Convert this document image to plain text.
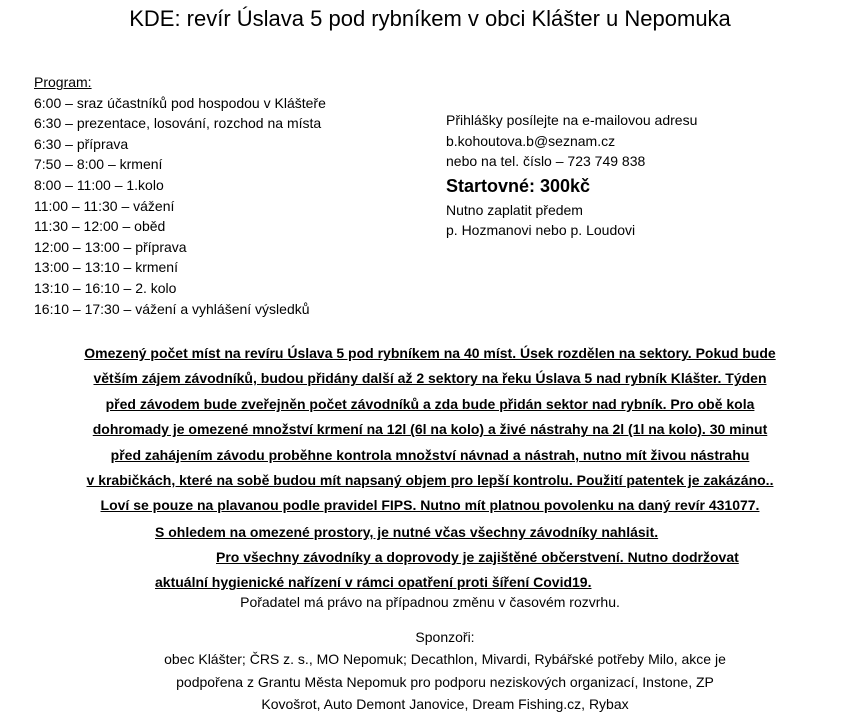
KDE: revír Úslava 5 pod rybníkem v obci Klášter u Nepomuka
Program:
6:00 – sraz účastníků pod hospodou v Klášteře
6:30 – prezentace, losování, rozchod na místa
6:30 – příprava
7:50 – 8:00 – krmení
8:00 – 11:00 – 1.kolo
11:00 – 11:30 – vážení
11:30 – 12:00 – oběd
12:00 – 13:00 – příprava
13:00 – 13:10 – krmení
13:10 – 16:10 – 2. kolo
16:10 – 17:30 – vážení a vyhlášení výsledků
Přihlášky posílejte na e-mailovou adresu
b.kohoutova.b@seznam.cz
nebo na tel. číslo – 723 749 838
Startovné: 300kč
Nutno zaplatit předem
p. Hozmanovi nebo p. Loudovi
Omezený počet míst na revíru Úslava 5 pod rybníkem na 40 míst. Úsek rozdělen na sektory. Pokud bude
větším zájem závodníků, budou přidány další až 2 sektory na řeku Úslava 5 nad rybník Klášter. Týden
před závodem bude zveřejněn počet závodníků a zda bude přidán sektor nad rybník. Pro obě kola
dohromady je omezené množství krmení na 12l (6l na kolo) a živé nástrahy na 2l (1l na kolo). 30 minut
před zahájením závodu proběhne kontrola množství návnad a nástrah, nutno mít živou nástrahu
v krabičkách, které na sobě budou mít napsaný objem pro lepší kontrolu. Použití patentek je zakázáno..
Loví se pouze na plavanou podle pravidel FIPS. Nutno mít platnou povolenku na daný revír 431077.
S ohledem na omezené prostory, je nutné včas všechny závodníky nahlásit.
Pro všechny závodníky a doprovody je zajištěné občerstvení. Nutno dodržovat
aktuální hygienické nařízení v rámci opatření proti šíření Covid19.
Pořadatel má právo na případnou změnu v časovém rozvrhu.
Sponzoři:
obec Klášter; ČRS z. s., MO Nepomuk; Decathlon, Mivardi, Rybářské potřeby Milo, akce je
podpořena z Grantu Města Nepomuk pro podporu neziskových organizací, Instone, ZP
Kovošrot, Auto Demont Janovice, Dream Fishing.cz, Rybax
